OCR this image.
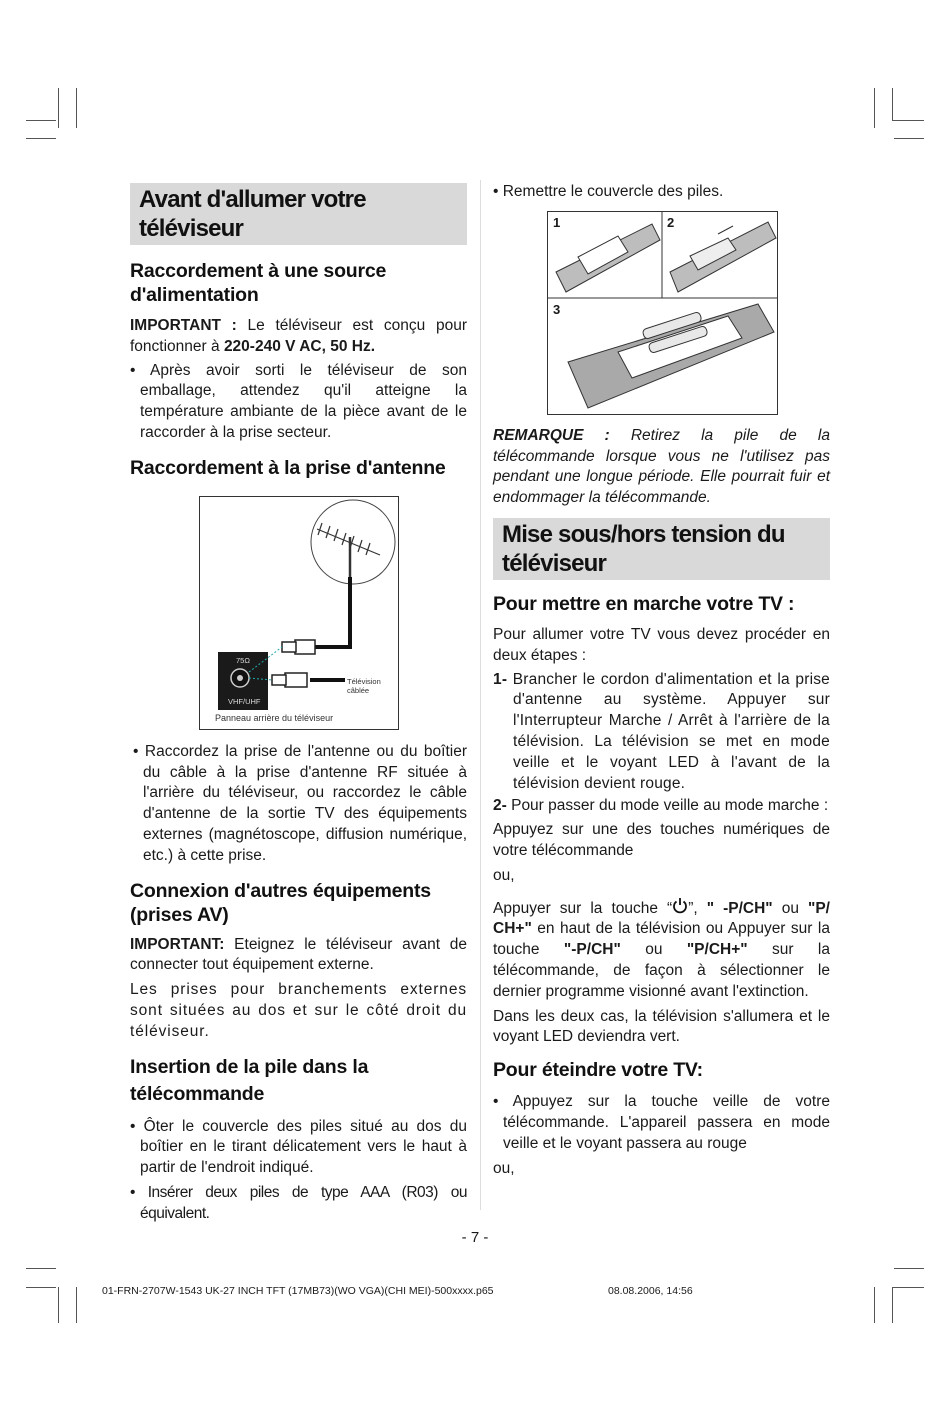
Avant d'allumer votre téléviseur
Raccordement à une source d'alimentation

IMPORTANT : Le téléviseur est conçu pour fonctionner à 220-240 V AC, 50 Hz.

• Après avoir sorti le téléviseur de son emballage, attendez qu'il atteigne la température ambiante de la pièce avant de le raccorder à la prise secteur.

Raccordement à la prise d'antenne
75Ω
VHF/UHF
Télévision
câblée
Panneau arrière du téléviseur

• Raccordez la prise de l'antenne ou du boîtier du câble à la prise d'antenne RF située à l'arrière du téléviseur, ou raccordez le câble d'antenne de la sortie TV des équipements externes (magnétoscope, diffusion numérique, etc.) à cette prise.

Connexion d'autres équipements (prises AV)

IMPORTANT: Eteignez le téléviseur avant de connecter tout équipement externe.

Les prises pour branchements externes sont situées au dos et sur le côté droit du téléviseur.

Insertion de la pile dans la télécommande

• Ôter le couvercle des piles situé au dos du boîtier en le tirant délicatement vers le haut à partir de l'endroit indiqué.

• Insérer deux piles de type AAA (R03) ou équivalent.

• Remettre le couvercle des piles.

1	2
3

REMARQUE : Retirez la pile de la télécommande lorsque vous ne l'utilisez pas pendant une longue période. Elle pourrait fuir et endommager la télécommande.

Mise sous/hors tension du téléviseur
Pour mettre en marche votre TV :

Pour allumer votre TV vous devez procéder en deux étapes :

1- Brancher le cordon d'alimentation et la prise d'antenne au système. Appuyer sur l'Interrupteur Marche / Arrêt à l'arrière de la télévision. La télévision se met en mode veille et le voyant LED à l'avant de la télévision devient rouge.

2- Pour passer du mode veille au mode marche :

Appuyez sur une des touches numériques de votre télécommande

ou,

Appuyer sur la touche “ ”, " -P/CH" ou "P/ CH+" en haut de la télévision ou Appuyer sur la touche "-P/CH" ou "P/CH+" sur la télécommande, de façon à sélectionner le dernier programme visionné avant l'extinction.

Dans les deux cas, la télévision s'allumera et le voyant LED deviendra vert.

Pour éteindre votre TV:

• Appuyez sur la touche veille de votre télécommande. L'appareil passera en mode veille et le voyant passera au rouge

ou,

- 7 -
01-FRN-2707W-1543 UK-27 INCH TFT (17MB73)(WO VGA)(CHI MEI)-500xxxx.p65	08.08.2006, 14:56
